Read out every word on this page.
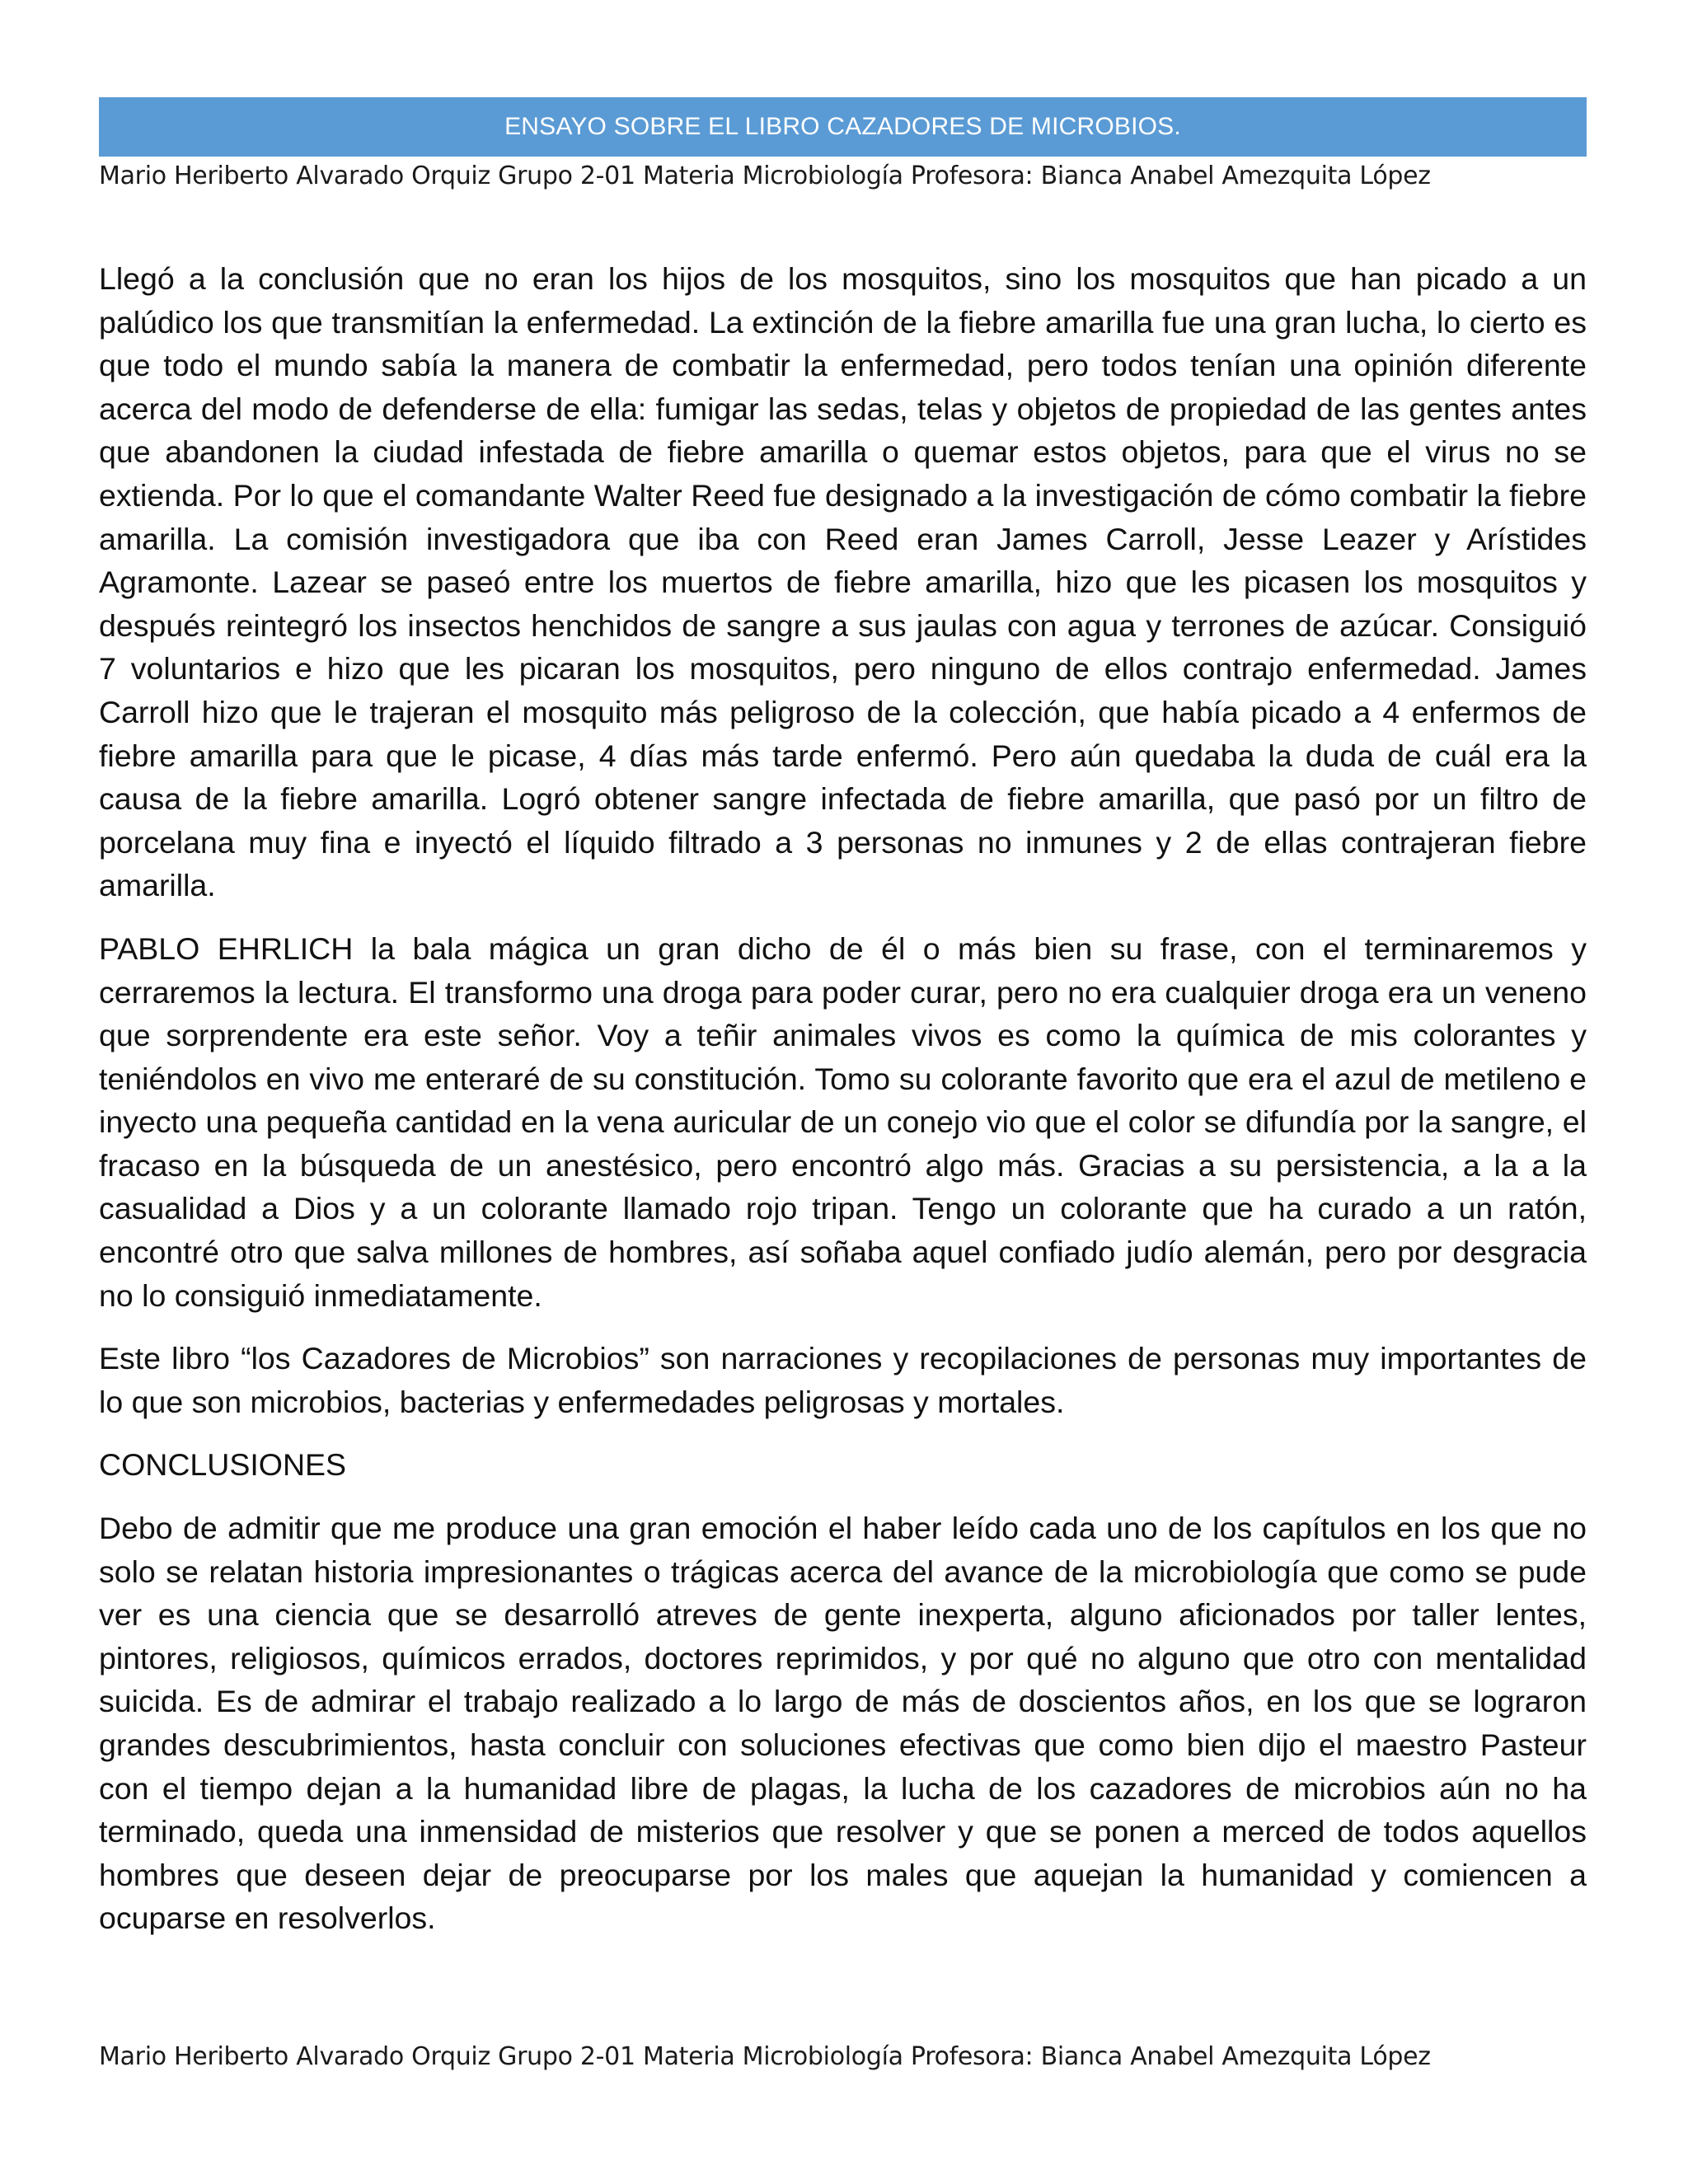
ENSAYO SOBRE EL LIBRO CAZADORES DE MICROBIOS.
Mario Heriberto Alvarado Orquiz Grupo 2-01 Materia Microbiología Profesora: Bianca Anabel Amezquita López

Llegó a la conclusión que no eran los hijos de los mosquitos, sino los mosquitos que han picado a un palúdico los que transmitían la enfermedad. La extinción de la fiebre amarilla fue una gran lucha, lo cierto es que todo el mundo sabía la manera de combatir la enfermedad, pero todos tenían una opinión diferente acerca del modo de defenderse de ella: fumigar las sedas, telas y objetos de propiedad de las gentes antes que abandonen la ciudad infestada de fiebre amarilla o quemar estos objetos, para que el virus no se extienda. Por lo que el comandante Walter Reed fue designado a la investigación de cómo combatir la fiebre amarilla. La comisión investigadora que iba con Reed eran James Carroll, Jesse Leazer y Arístides Agramonte. Lazear se paseó entre los muertos de fiebre amarilla, hizo que les picasen los mosquitos y después reintegró los insectos henchidos de sangre a sus jaulas con agua y terrones de azúcar. Consiguió 7 voluntarios e hizo que les picaran los mosquitos, pero ninguno de ellos contrajo enfermedad. James Carroll hizo que le trajeran el mosquito más peligroso de la colección, que había picado a 4 enfermos de fiebre amarilla para que le picase, 4 días más tarde enfermó. Pero aún quedaba la duda de cuál era la causa de la fiebre amarilla. Logró obtener sangre infectada de fiebre amarilla, que pasó por un filtro de porcelana muy fina e inyectó el líquido filtrado a 3 personas no inmunes y 2 de ellas contrajeran fiebre amarilla.

PABLO EHRLICH la bala mágica un gran dicho de él o más bien su frase, con el terminaremos y cerraremos la lectura. El transformo una droga para poder curar, pero no era cualquier droga era un veneno que sorprendente era este señor. Voy a teñir animales vivos es como la química de mis colorantes y teniéndolos en vivo me enteraré de su constitución. Tomo su colorante favorito que era el azul de metileno e inyecto una pequeña cantidad en la vena auricular de un conejo vio que el color se difundía por la sangre, el fracaso en la búsqueda de un anestésico, pero encontró algo más. Gracias a su persistencia, a la a la casualidad a Dios y a un colorante llamado rojo tripan. Tengo un colorante que ha curado a un ratón, encontré otro que salva millones de hombres, así soñaba aquel confiado judío alemán, pero por desgracia no lo consiguió inmediatamente.

Este libro “los Cazadores de Microbios” son narraciones y recopilaciones de personas muy importantes de lo que son microbios, bacterias y enfermedades peligrosas y mortales.

CONCLUSIONES

Debo de admitir que me produce una gran emoción el haber leído cada uno de los capítulos en los que no solo se relatan historia impresionantes o trágicas acerca del avance de la microbiología que como se pude ver es una ciencia que se desarrolló atreves de gente inexperta, alguno aficionados por taller lentes, pintores, religiosos, químicos errados, doctores reprimidos, y por qué no alguno que otro con mentalidad suicida. Es de admirar el trabajo realizado a lo largo de más de doscientos años, en los que se lograron grandes descubrimientos, hasta concluir con soluciones efectivas que como bien dijo el maestro Pasteur con el tiempo dejan a la humanidad libre de plagas, la lucha de los cazadores de microbios aún no ha terminado, queda una inmensidad de misterios que resolver y que se ponen a merced de todos aquellos hombres que deseen dejar de preocuparse por los males que aquejan la humanidad y comiencen a ocuparse en resolverlos.

Mario Heriberto Alvarado Orquiz Grupo 2-01 Materia Microbiología Profesora: Bianca Anabel Amezquita López
